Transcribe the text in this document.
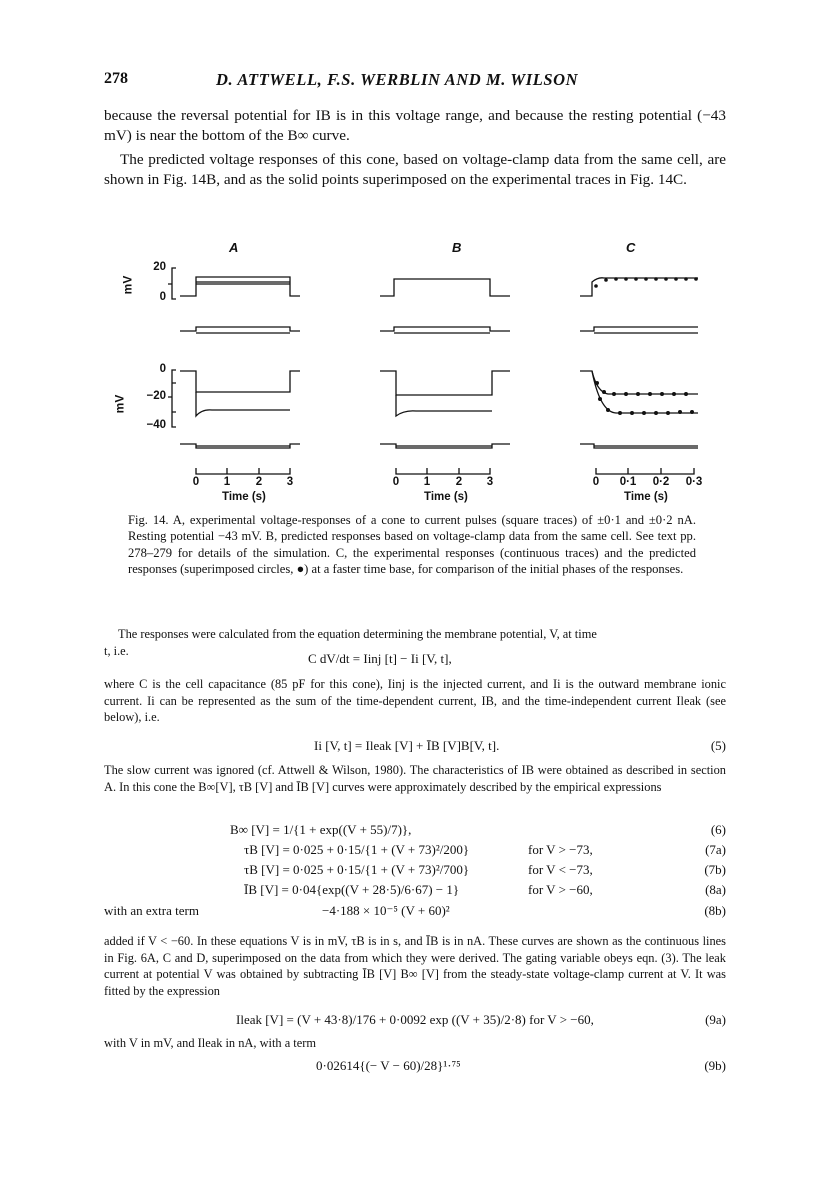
278	D. ATTWELL, F.S. WERBLIN AND M. WILSON
because the reversal potential for IB is in this voltage range, and because the resting potential (−43 mV) is near the bottom of the B∞ curve.
The predicted voltage responses of this cone, based on voltage-clamp data from the same cell, are shown in Fig. 14B, and as the solid points superimposed on the experimental traces in Fig. 14C.
A	B	C
20
0
mV
0
−20
−40
mV
0 1 2 3
Time (s)
0 1 2 3
Time (s)
0 0·1 0·2 0·3
Time (s)
Fig. 14. A, experimental voltage-responses of a cone to current pulses (square traces) of ±0·1 and ±0·2 nA. Resting potential −43 mV. B, predicted responses based on voltage-clamp data from the same cell. See text pp. 278–279 for details of the simulation. C, the experimental responses (continuous traces) and the predicted responses (superimposed circles, ●) at a faster time base, for comparison of the initial phases of the responses.
The responses were calculated from the equation determining the membrane potential, V, at time
t, i.e.	C dV/dt = Iinj [t] − Ii [V, t],
where C is the cell capacitance (85 pF for this cone), Iinj is the injected current, and Ii is the outward membrane ionic current. Ii can be represented as the sum of the time-dependent current, IB, and the time-independent current Ileak (see below), i.e.
Ii [V, t] = Ileak [V] + ĪB [V]B[V, t].	(5)
The slow current was ignored (cf. Attwell & Wilson, 1980). The characteristics of IB were obtained as described in section A. In this cone the B∞[V], τB [V] and ĪB [V] curves were approximately described by the empirical expressions
B∞ [V] = 1/{1 + exp((V + 55)/7)},	(6)
τB [V] = 0·025 + 0·15/{1 + (V + 73)²/200}	for V > −73,	(7a)
τB [V] = 0·025 + 0·15/{1 + (V + 73)²/700}	for V < −73,	(7b)
ĪB [V] = 0·04{exp((V + 28·5)/6·67) − 1}	for V > −60,	(8a)
with an extra term	−4·188 × 10⁻⁵ (V + 60)²	(8b)
added if V < −60. In these equations V is in mV, τB is in s, and ĪB is in nA. These curves are shown as the continuous lines in Fig. 6A, C and D, superimposed on the data from which they were derived. The gating variable obeys eqn. (3). The leak current at potential V was obtained by subtracting ĪB [V] B∞ [V] from the steady-state voltage-clamp current at V. It was fitted by the expression
Ileak [V] = (V + 43·8)/176 + 0·0092 exp ((V + 35)/2·8) for V > −60,	(9a)
with V in mV, and Ileak in nA, with a term
0·02614{(− V − 60)/28}¹·⁷⁵	(9b)
